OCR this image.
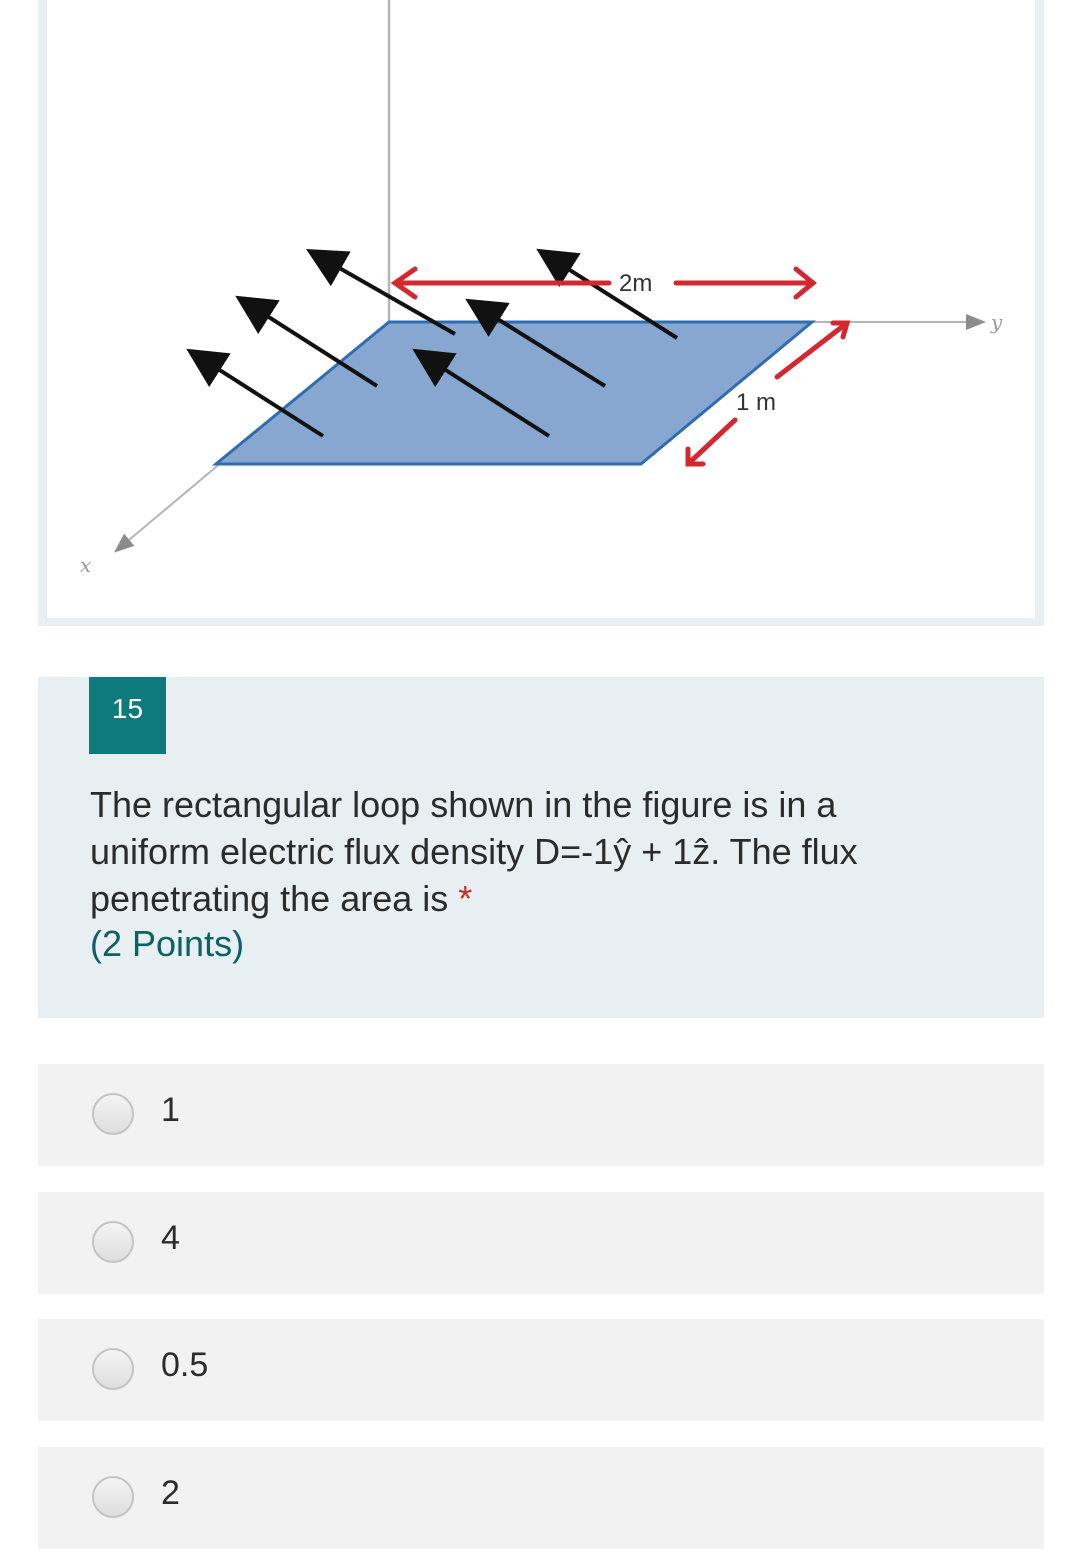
y
x
2m
1 m
15
The rectangular loop shown in the figure is in a uniform electric flux density D=-1ŷ + 1ẑ. The flux penetrating the area is *
(2 Points)
1
4
0.5
2
